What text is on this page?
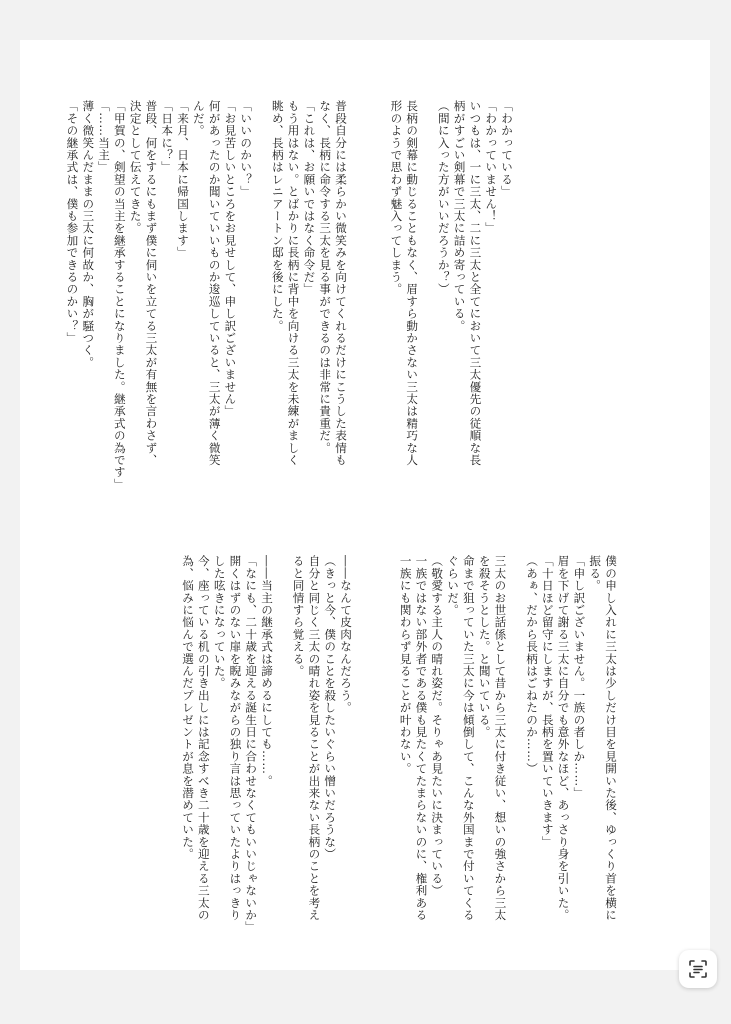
「わかっている」

「わかっていません！」

いつもは、一に三太、二に三太と全てにおいて三太優先の従順な長

柄がすごい剣幕で三太に詰め寄っている。

（間に入った方がいいだろうか？）

長柄の剣幕に動じることもなく、眉すら動かさない三太は精巧な人

形のようで思わず魅入ってしまう。

普段自分には柔らかい微笑みを向けてくれるだけにこうした表情も

なく、長柄に命令する三太を見る事ができるのは非常に貴重だ。

「これは、お願いではなく命令だ」

もう用はない。とばかりに長柄に背中を向ける三太を未練がましく

眺め、長柄はレニアートン邸を後にした。

「いいのかい？」

「お見苦しいところをお見せして、申し訳ございません」

何があったのか聞いていいものか逡巡していると、三太が薄く微笑

んだ。

「来月、日本に帰国します」

「日本に？」

普段、何をするにもまず僕に伺いを立てる三太が有無を言わさず、

決定として伝えてきた。

「甲賀の、剣望の当主を継承することになりました。継承式の為です」

「……当主」

薄く微笑んだままの三太に何故か、胸が騒つく。

「その継承式は、僕も参加できるのかい？」

僕の申し入れに三太は少しだけ目を見開いた後、ゆっくり首を横に

振る。

「申し訳ございません。一族の者しか……」

眉を下げて謝る三太に自分でも意外なほど、あっさり身を引いた。

「十日ほど留守にしますが、長柄を置いていきます」

（あぁ、だから長柄はごねたのか……）

三太のお世話係として昔から三太に付き従い、想いの強さから三太

を殺そうとした。と聞いている。

命まで狙っていた三太に今は傾倒して、こんな外国まで付いてくる

ぐらいだ。

（敬愛する主人の晴れ姿だ。そりゃあ見たいに決まっている）

一族ではない部外者である僕も見たくてたまらないのに、権利ある

一族にも関わらず見ることが叶わない。

――なんて皮肉なんだろう。

（きっと今、僕のことを殺したいぐらい憎いだろうな）

自分と同じく三太の晴れ姿を見ることが出来ない長柄のことを考え

ると同情すら覚える。

――当主の継承式は諦めるにしても……。

「なにも、二十歳を迎える誕生日に合わせなくてもいいじゃないか」

開くはずのない扉を睨みながらの独り言は思っていたよりはっきり

した呟きになっていた。

今、座っている机の引き出しには記念すべき二十歳を迎える三太の

為、悩みに悩んで選んだプレゼントが息を潜めていた。
